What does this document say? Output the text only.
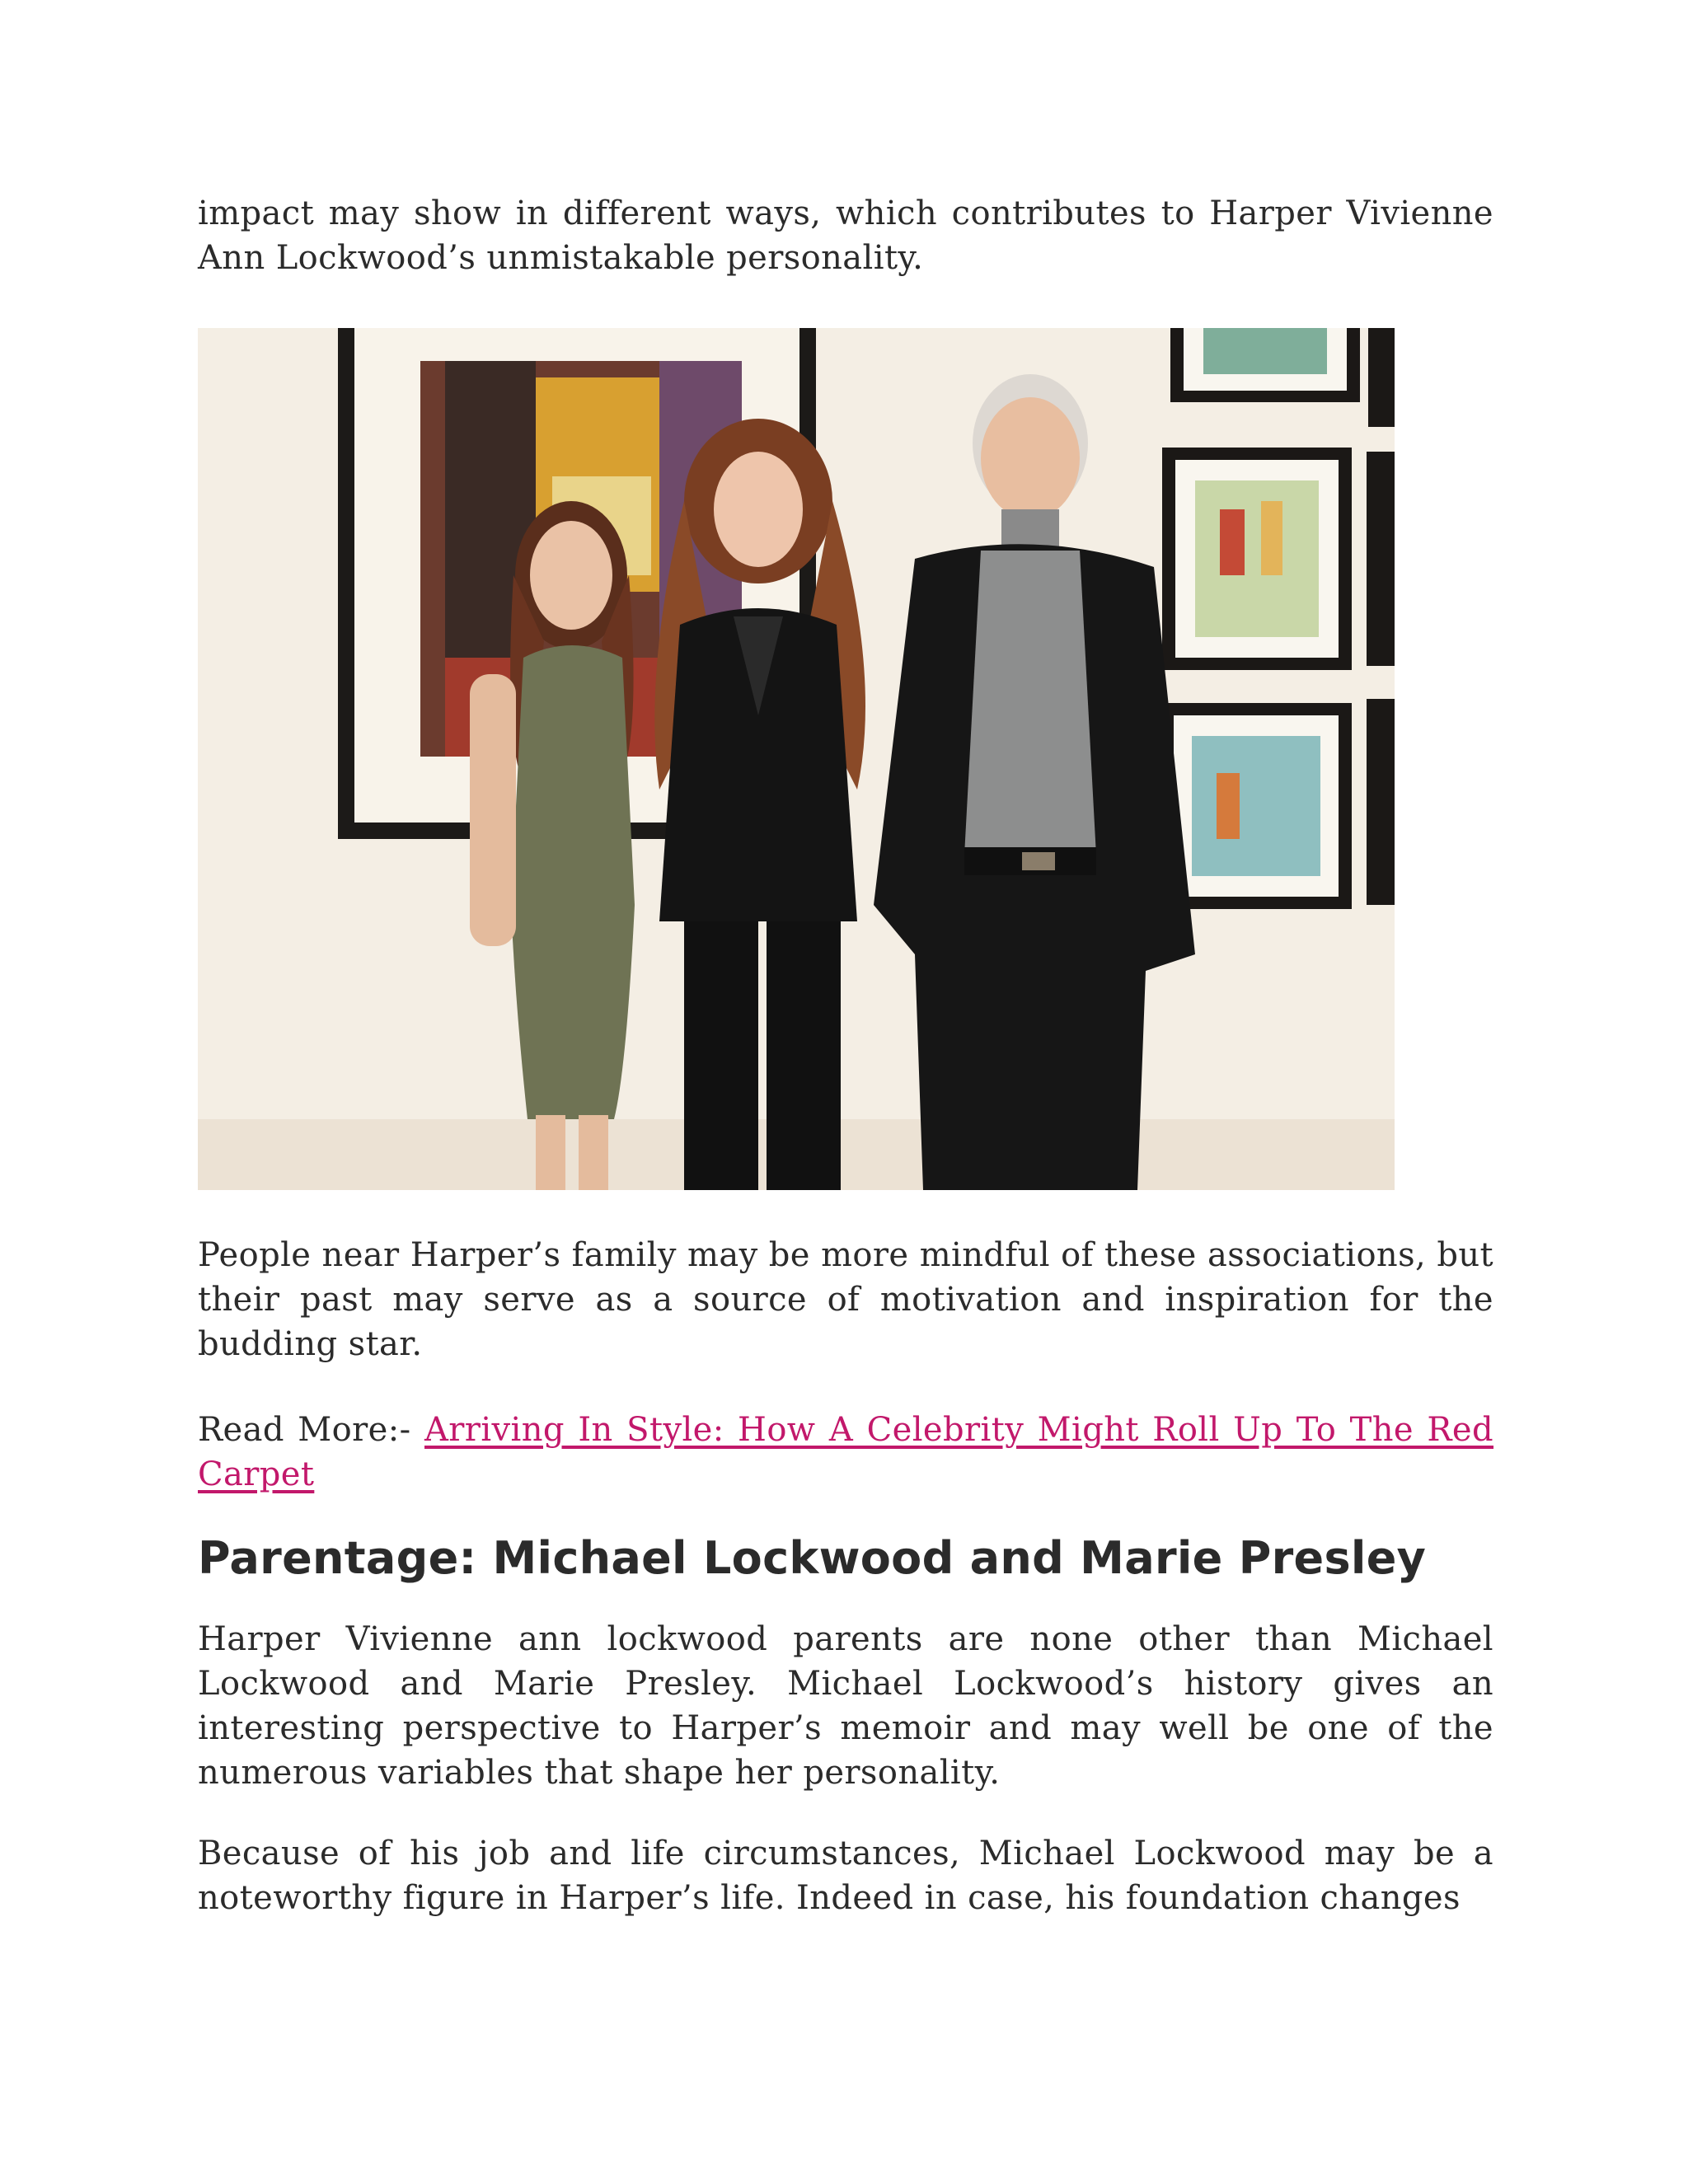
impact may show in different ways, which contributes to Harper Vivienne Ann Lockwood’s unmistakable personality.

People near Harper’s family may be more mindful of these associations, but their past may serve as a source of motivation and inspiration for the budding star.

Read More:- Arriving In Style: How A Celebrity Might Roll Up To The Red Carpet

Parentage: Michael Lockwood and Marie Presley

Harper Vivienne ann lockwood parents are none other than Michael Lockwood and Marie Presley. Michael Lockwood’s history gives an interesting perspective to Harper’s memoir and may well be one of the numerous variables that shape her personality.

Because of his job and life circumstances, Michael Lockwood may be a noteworthy figure in Harper’s life. Indeed in case, his foundation changes
